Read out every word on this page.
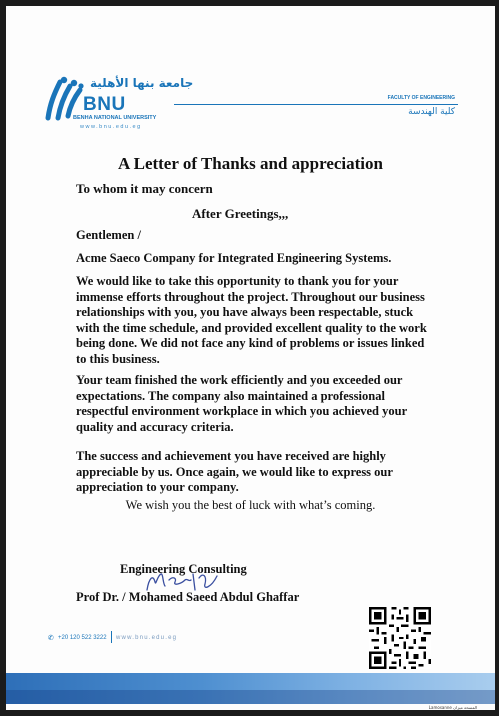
جامعة بنها الأهلية
BNU
BENHA NATIONAL UNIVERSITY
www.bnu.edu.eg
FACULTY OF ENGINEERING
كلية الهندسة
A Letter of Thanks and appreciation
To whom it may concern
After Greetings,,,
Gentlemen /
Acme Saeco Company for Integrated Engineering Systems.
We would like to take this opportunity to thank you for your immense efforts throughout the project. Throughout our business relationships with you, you have always been respectable, stuck with the time schedule, and provided excellent quality to the work being done. We did not face any kind of problems or issues linked to this business.
Your team finished the work efficiently and you exceeded our expectations. The company also maintained a professional respectful environment workplace in which you achieved your quality and accuracy criteria.
The success and achievement you have received are highly appreciable by us. Once again, we would like to express our appreciation to your company.
We wish you the best of luck with what’s coming.
Engineering Consulting
Prof Dr. / Mohamed Saeed Abdul Ghaffar
✆ +20 120 522 3222 www.bnu.edu.eg
Lamosanne المسحة ميزان
